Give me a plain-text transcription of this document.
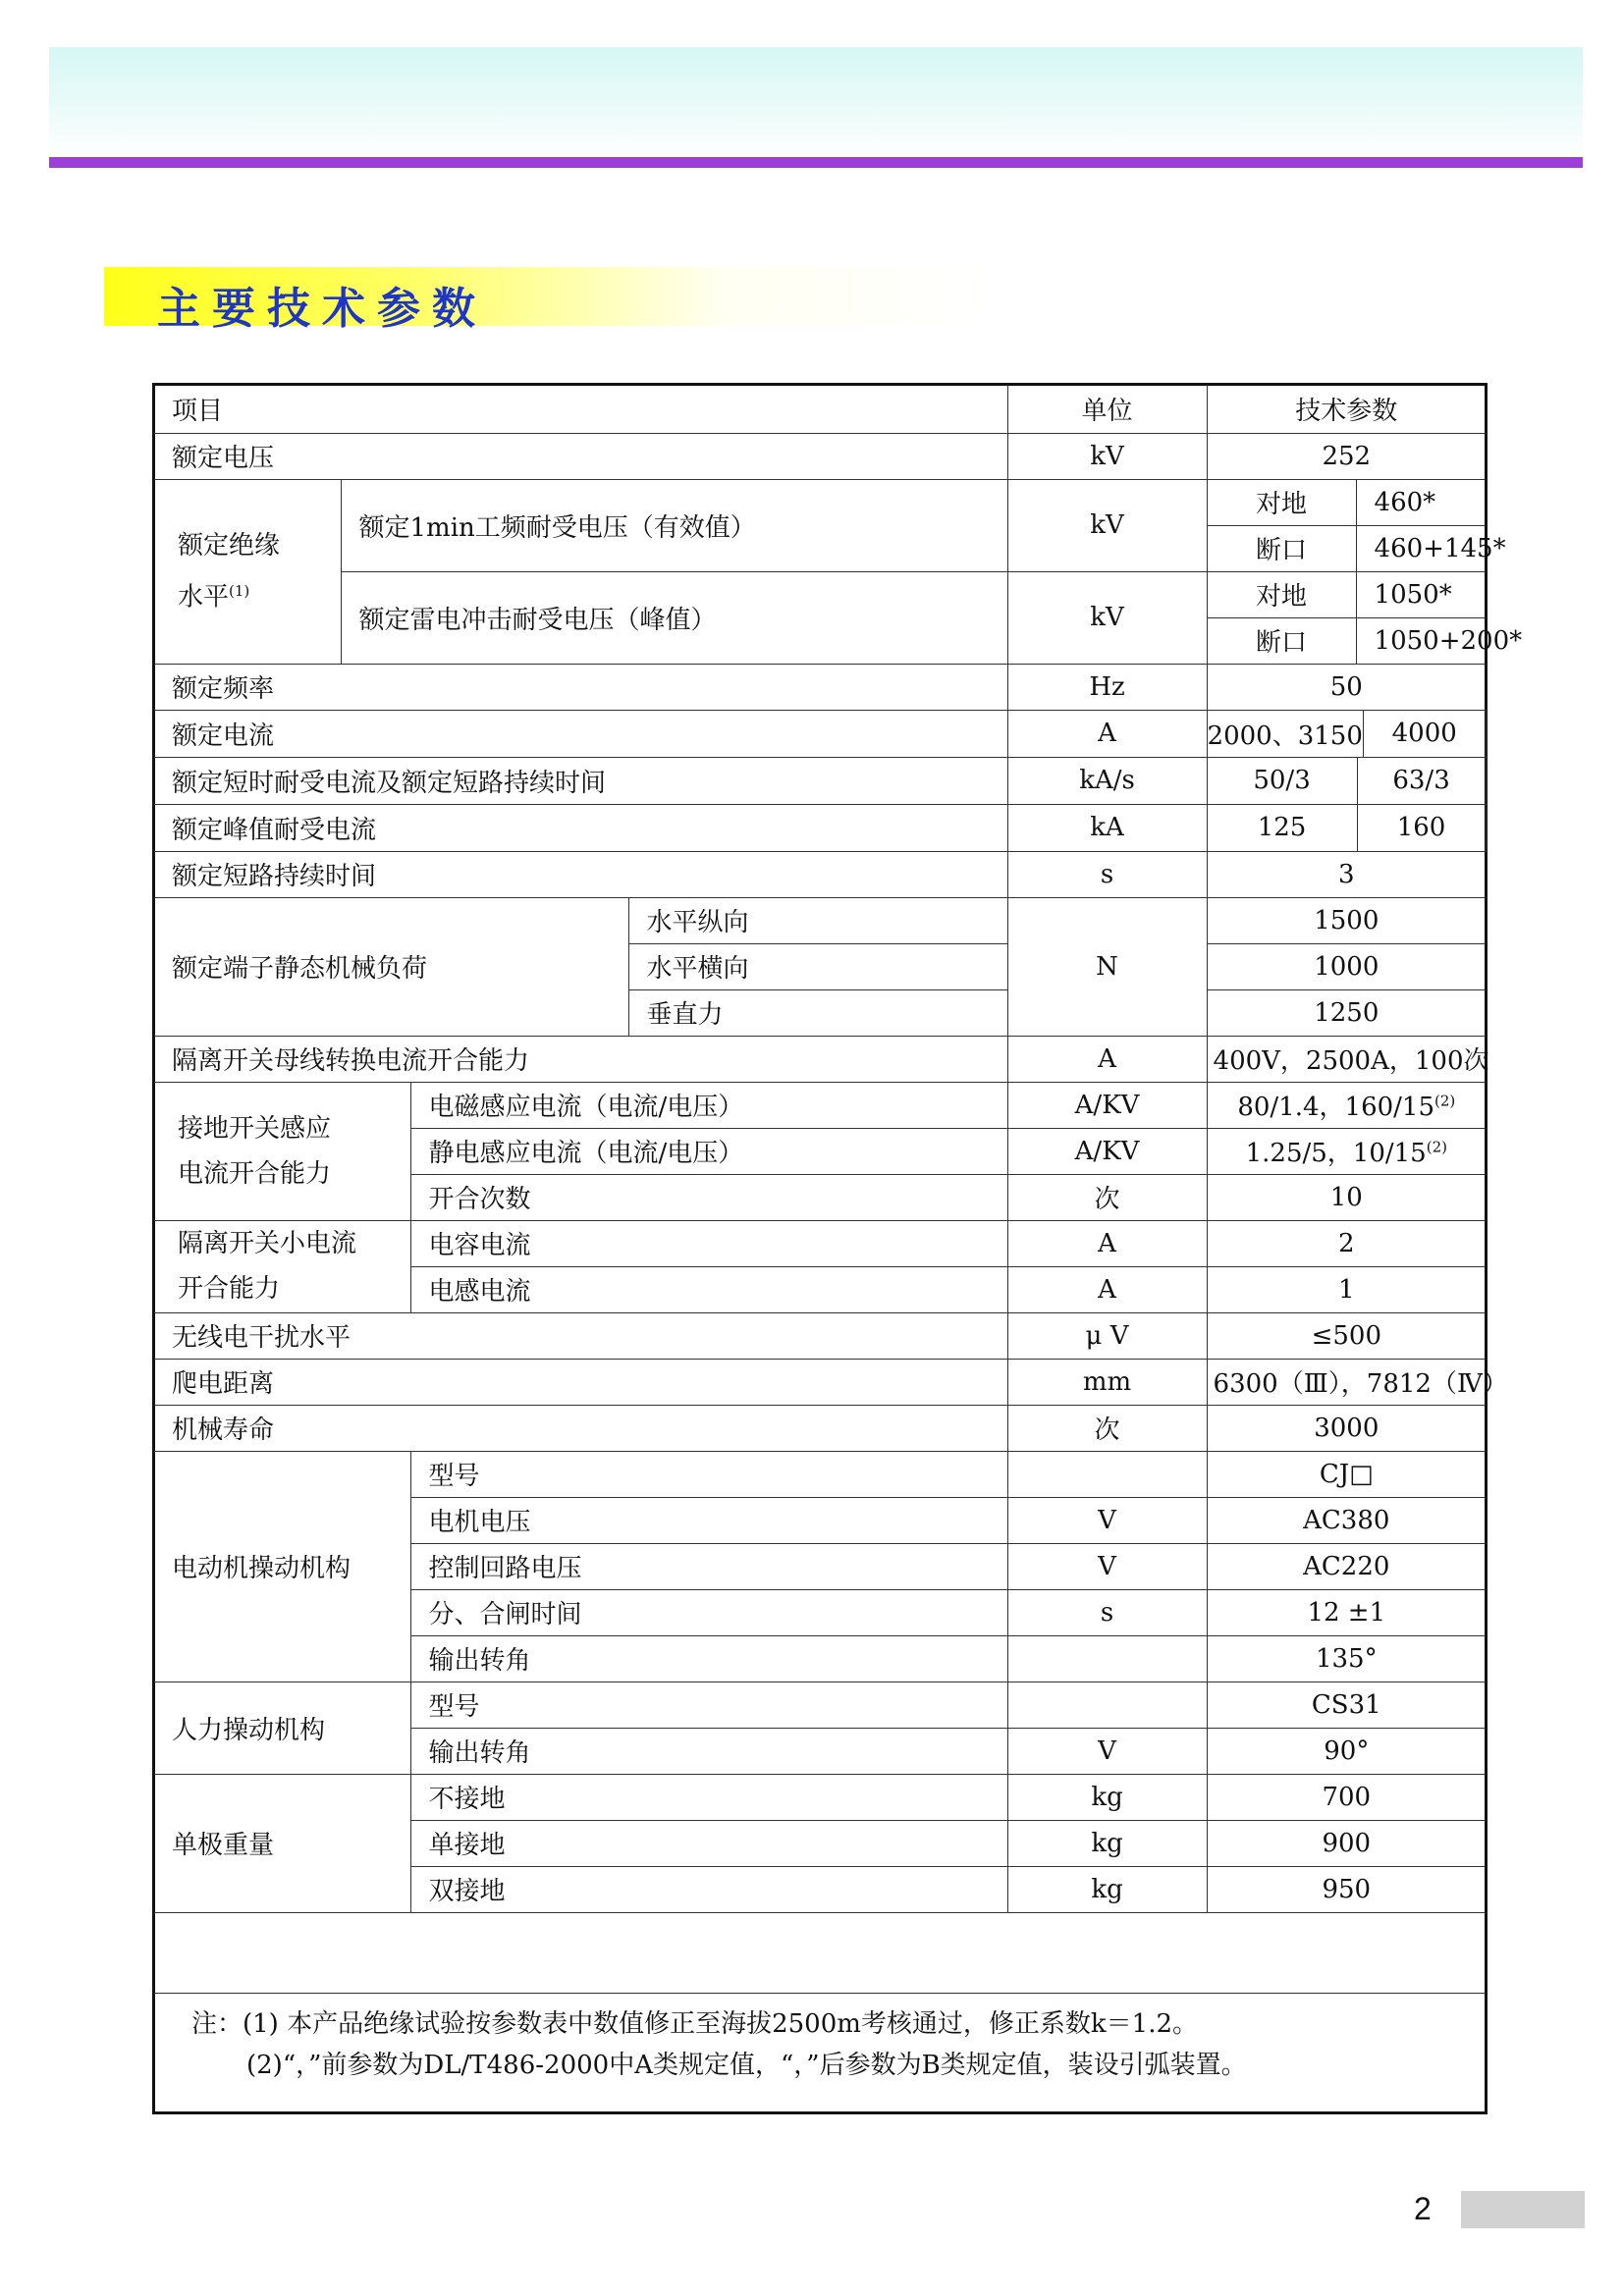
主要技术参数
项目				单位	技术参数	
额定电压				kV	252	
额定绝缘
水平$^{(1)}$	额定1min工频耐受电压（有效值）			kV	对地	460*
					断口	460+145*
	额定雷电冲击耐受电压（峰值）			kV	对地	1050*
					断口	1050+200*
额定频率				Hz	50	
额定电流				A	2000、3150 4000	

额定短时耐受电流及额定短路持续时间				kA/s	50/3 63/3	

额定峰值耐受电流				kA	125 160	

额定短路持续时间				s	3	
额定端子静态机械负荷			水平纵向	N	1500	
			水平横向		1000	
			垂直力		1250	
隔离开关母线转换电流开合能力				A	400V，2500A，100次	
接地开关感应
电流开合能力		电磁感应电流（电流/电压）		A/KV	80/1.4，160/15$^{(2)}$
		静电感应电流（电流/电压）		A/KV	1.25/5，10/15$^{(2)}$
		开合次数		次	10	
隔离开关小电流
开合能力		电容电流		A	2	
		电感电流		A	1	
无线电干扰水平				μ V	≤500	
爬电距离				mm	6300（Ⅲ），7812（Ⅳ）	
机械寿命				次	3000	
电动机操动机构		型号			CJ□	
		电机电压		V	AC380	
		控制回路电压		V	AC220	
		分、合闸时间		s	12 ±1	
		输出转角			135°	
人力操动机构		型号			CS31	
		输出转角		V	90°	
单极重量		不接地		kg	700	
		单接地		kg	900	
		双接地		kg	950	
注：(1) 本产品绝缘试验按参数表中数值修正至海拔2500m考核通过，修正系数k＝1.2。
(2)“，”前参数为DL/T486-2000中A类规定值，“，”后参数为B类规定值，装设引弧装置。
2
